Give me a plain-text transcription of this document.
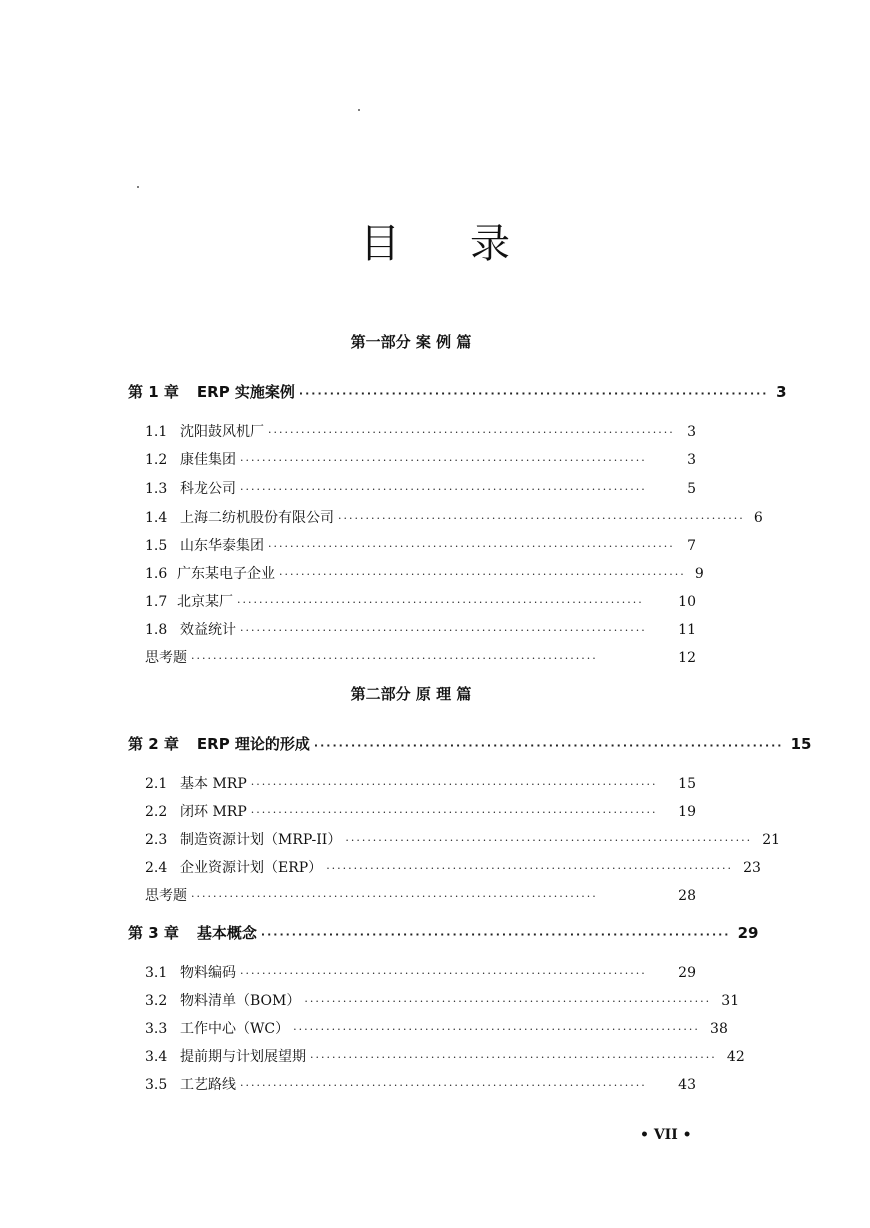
目 录
第一部分 案 例 篇
第 1 章 ERP 实施案例 ············································································ 3
1.1 沈阳鼓风机厂 ·········································································· 3
1.2 康佳集团 ··········································································	3
1.3 科龙公司 ··········································································	5
1.4 上海二纺机股份有限公司 ·········································································· 6
1.5 山东华泰集团 ·········································································· 7
1.6 广东某电子企业 ·········································································· 9
1.7 北京某厂 ··········································································	10
1.8 效益统计 ··········································································	11
思考题 ··········································································	12
第二部分 原 理 篇
第 2 章 ERP 理论的形成 ············································································ 15
2.1 基本 MRP ··········································································	15
2.2 闭环 MRP ··········································································	19
2.3 制造资源计划（MRP-II） ·········································································· 21
2.4 企业资源计划（ERP） ·········································································· 23
思考题 ··········································································	28
第 3 章 基本概念 ············································································ 29
3.1 物料编码 ··········································································	29
3.2 物料清单（BOM） ·········································································· 31
3.3 工作中心（WC） ·········································································· 38
3.4 提前期与计划展望期 ·········································································· 42
3.5 工艺路线 ··········································································	43
• VII •
